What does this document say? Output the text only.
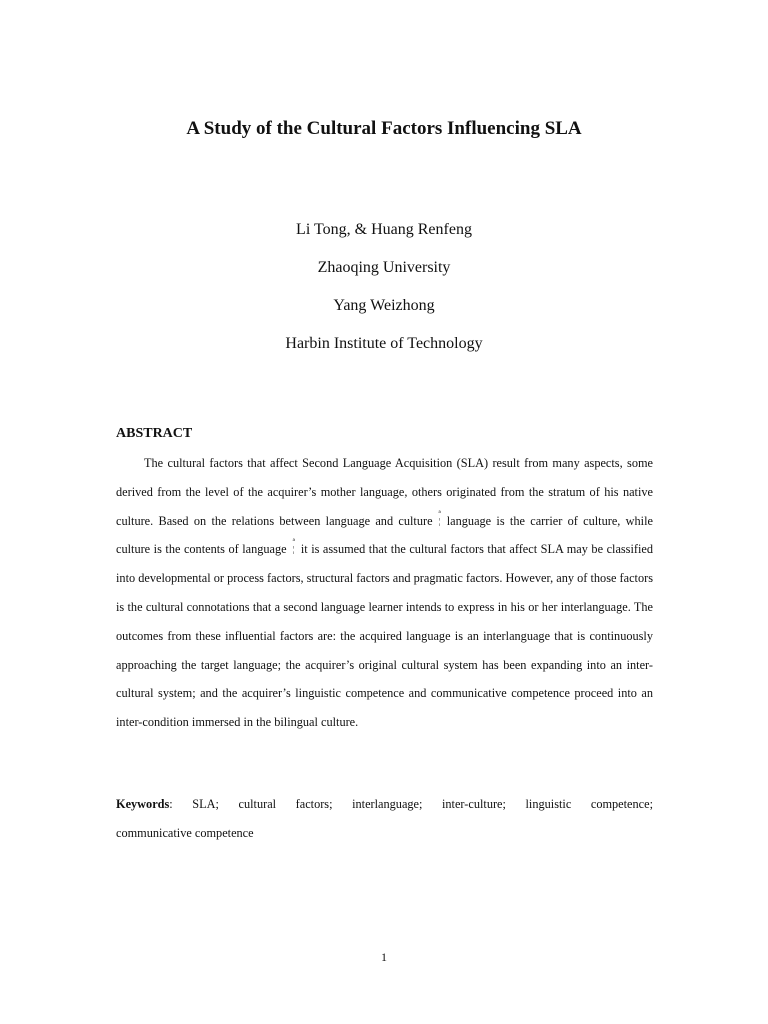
A Study of the Cultural Factors Influencing SLA
Li Tong, & Huang Renfeng
Zhaoqing University
Yang Weizhong
Harbin Institute of Technology
ABSTRACT

The cultural factors that affect Second Language Acquisition (SLA) result from many aspects, some derived from the level of the acquirer’s mother language, others originated from the stratum of his native culture. Based on the relations between language and cultureª
¦ language is the carrier of culture, while culture is the contents of languageª
¦ it is assumed that the cultural factors that affect SLA may be classified into developmental or process factors, structural factors and pragmatic factors. However, any of those factors is the cultural connotations that a second language learner intends to express in his or her interlanguage. The outcomes from these influential factors are: the acquired language is an interlanguage that is continuously approaching the target language; the acquirer’s original cultural system has been expanding into an inter-cultural system; and the acquirer’s linguistic competence and communicative competence proceed into an inter-condition immersed in the bilingual culture.

Keywords: SLA; cultural factors; interlanguage; inter-culture; linguistic competence;
communicative competence
1
